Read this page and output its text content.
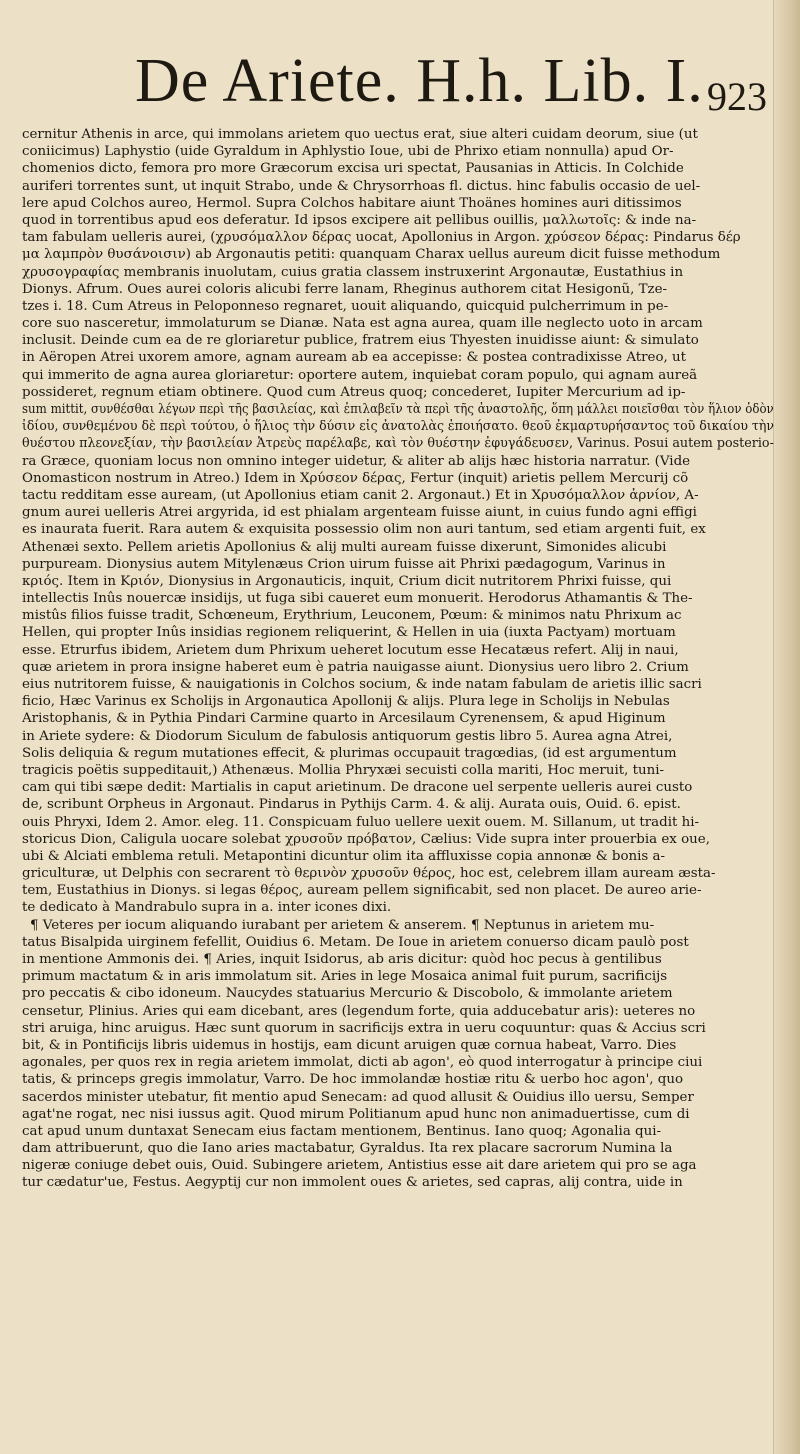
De Ariete. H.h. Lib. I. 923
cernitur Athenis in arce, qui immolans arietem quo uectus erat, siue alteri cuidam deorum, siue (ut
coniicimus) Laphystio (uide Gyraldum in Aphlystio Ioue, ubi de Phrixo etiam nonnulla) apud Or-
chomenios dicto, femora pro more Græcorum excisa uri spectat, Pausanias in Atticis. In Colchide
auriferi torrentes sunt, ut inquit Strabo, unde & Chrysorrhoas fl. dictus. hinc fabulis occasio de uel-
lere apud Colchos aureo, Hermol. Supra Colchos habitare aiunt Thoänes homines auri ditissimos
quod in torrentibus apud eos deferatur. Id ipsos excipere ait pellibus ouillis, μαλλωτοῖς: & inde na-
tam fabulam uelleris aurei, (χρυσόμαλλον δέρας uocat, Apollonius in Argon. χρύσεον δέρας: Pindarus δέρ
μα λαμπρὸν θυσάνοισιν) ab Argonautis petiti: quanquam Charax uellus aureum dicit fuisse methodum
χρυσογραφίας membranis inuolutam, cuius gratia classem instruxerint Argonautæ, Eustathius in
Dionys. Afrum. Oues aurei coloris alicubi ferre lanam, Rheginus authorem citat Hesigonũ, Tze-
tzes i. 18. Cum Atreus in Peloponneso regnaret, uouit aliquando, quicquid pulcherrimum in pe-
core suo nasceretur, immolaturum se Dianæ. Nata est agna aurea, quam ille neglecto uoto in arcam
inclusit. Deinde cum ea de re gloriaretur publice, fratrem eius Thyesten inuidisse aiunt: & simulato
in Aëropen Atrei uxorem amore, agnam auream ab ea accepisse: & postea contradixisse Atreo, ut
qui immerito de agna aurea gloriaretur: oportere autem, inquiebat coram populo, qui agnam aureã
possideret, regnum etiam obtinere. Quod cum Atreus quoq; concederet, Iupiter Mercurium ad ip-
sum mittit, συνθέσθαι λέγων περὶ τῆς βασιλείας, καὶ ἐπιλαβεῖν τὰ περὶ τῆς ἀναστολῆς, ὅπη μάλλει ποιεῖσθαι τὸν ἥλιον ὁδὸν
ἰδίου, συνθεμένου δὲ περὶ τούτου, ὁ ἥλιος τὴν δύσιν εἰς ἀνατολὰς ἐποιήσατο. θεοῦ ἐκμαρτυρήσαντος τοῦ δικαίου τὴν
θυέστου πλεονεξίαν, τὴν βασιλείαν Ἀτρεὺς παρέλαβε, καὶ τὸν θυέστην ἐφυγάδευσεν, Varinus. Posui autem posterio-
ra Græce, quoniam locus non omnino integer uidetur, & aliter ab alijs hæc historia narratur. (Vide
Onomasticon nostrum in Atreo.) Idem in Χρύσεον δέρας, Fertur (inquit) arietis pellem Mercurij cõ
tactu redditam esse auream, (ut Apollonius etiam canit 2. Argonaut.) Et in Χρυσόμαλλον ἀρνίον, A-
gnum aurei uelleris Atrei argyrida, id est phialam argenteam fuisse aiunt, in cuius fundo agni effigi
es inaurata fuerit. Rara autem & exquisita possessio olim non auri tantum, sed etiam argenti fuit, ex
Athenæi sexto. Pellem arietis Apollonius & alij multi auream fuisse dixerunt, Simonides alicubi
purpuream. Dionysius autem Mitylenæus Crion uirum fuisse ait Phrixi pædagogum, Varinus in
κριός. Item in Κριόν, Dionysius in Argonauticis, inquit, Crium dicit nutritorem Phrixi fuisse, qui
intellectis Inûs nouercæ insidijs, ut fuga sibi caueret eum monuerit. Herodorus Athamantis & The-
mistûs filios fuisse tradit, Schœneum, Erythrium, Leuconem, Pœum: & minimos natu Phrixum ac
Hellen, qui propter Inûs insidias regionem reliquerint, & Hellen in uia (iuxta Pactyam) mortuam
esse. Etrurfus ibidem, Arietem dum Phrixum ueheret locutum esse Hecatæus refert. Alij in naui,
quæ arietem in prora insigne haberet eum è patria nauigasse aiunt. Dionysius uero libro 2. Crium
eius nutritorem fuisse, & nauigationis in Colchos socium, & inde natam fabulam de arietis illic sacri
ficio, Hæc Varinus ex Scholijs in Argonautica Apollonij & alijs. Plura lege in Scholijs in Nebulas
Aristophanis, & in Pythia Pindari Carmine quarto in Arcesilaum Cyrenensem, & apud Higinum
in Ariete sydere: & Diodorum Siculum de fabulosis antiquorum gestis libro 5. Aurea agna Atrei,
Solis deliquia & regum mutationes effecit, & plurimas occupauit tragœdias, (id est argumentum
tragicis poëtis suppeditauit,) Athenæus. Mollia Phryxæi secuisti colla mariti, Hoc meruit, tuni-
cam qui tibi sæpe dedit: Martialis in caput arietinum. De dracone uel serpente uelleris aurei custo
de, scribunt Orpheus in Argonaut. Pindarus in Pythijs Carm. 4. & alij. Aurata ouis, Ouid. 6. epist.
ouis Phryxi, Idem 2. Amor. eleg. 11. Conspicuam fuluo uellere uexit ouem. M. Sillanum, ut tradit hi-
storicus Dion, Caligula uocare solebat χρυσοῦν πρόβατον, Cælius: Vide supra inter prouerbia ex oue,
ubi & Alciati emblema retuli. Metapontini dicuntur olim ita affluxisse copia annonæ & bonis a-
griculturæ, ut Delphis con secrarent τὸ θερινὸν χρυσοῦν θέρος, hoc est, celebrem illam auream æsta-
tem, Eustathius in Dionys. si legas θέρος, auream pellem significabit, sed non placet. De aureo arie-
te dedicato à Mandrabulo supra in a. inter icones dixi.
¶ Veteres per iocum aliquando iurabant per arietem & anserem. ¶ Neptunus in arietem mu-
tatus Bisalpida uirginem fefellit, Ouidius 6. Metam. De Ioue in arietem conuerso dicam paulò post
in mentione Ammonis dei. ¶ Aries, inquit Isidorus, ab aris dicitur: quòd hoc pecus à gentilibus
primum mactatum & in aris immolatum sit. Aries in lege Mosaica animal fuit purum, sacrificijs
pro peccatis & cibo idoneum. Naucydes statuarius Mercurio & Discobolo, & immolante arietem
censetur, Plinius. Aries qui eam dicebant, ares (legendum forte, quia adducebatur aris): ueteres no
stri aruiga, hinc aruigus. Hæc sunt quorum in sacrificijs extra in ueru coquuntur: quas & Accius scri
bit, & in Pontificijs libris uidemus in hostijs, eam dicunt aruigen quæ cornua habeat, Varro. Dies
agonales, per quos rex in regia arietem immolat, dicti ab agon', eò quod interrogatur à principe ciui
tatis, & princeps gregis immolatur, Varro. De hoc immolandæ hostiæ ritu & uerbo hoc agon', quo
sacerdos minister utebatur, fit mentio apud Senecam: ad quod allusit & Ouidius illo uersu, Semper
agat'ne rogat, nec nisi iussus agit. Quod mirum Politianum apud hunc non animaduertisse, cum di
cat apud unum duntaxat Senecam eius factam mentionem, Bentinus. Iano quoq; Agonalia qui-
dam attribuerunt, quo die Iano aries mactabatur, Gyraldus. Ita rex placare sacrorum Numina la
nigeræ coniuge debet ouis, Ouid. Subingere arietem, Antistius esse ait dare arietem qui pro se aga
tur cædatur'ue, Festus. Aegyptij cur non immolent oues & arietes, sed capras, alij contra, uide in
